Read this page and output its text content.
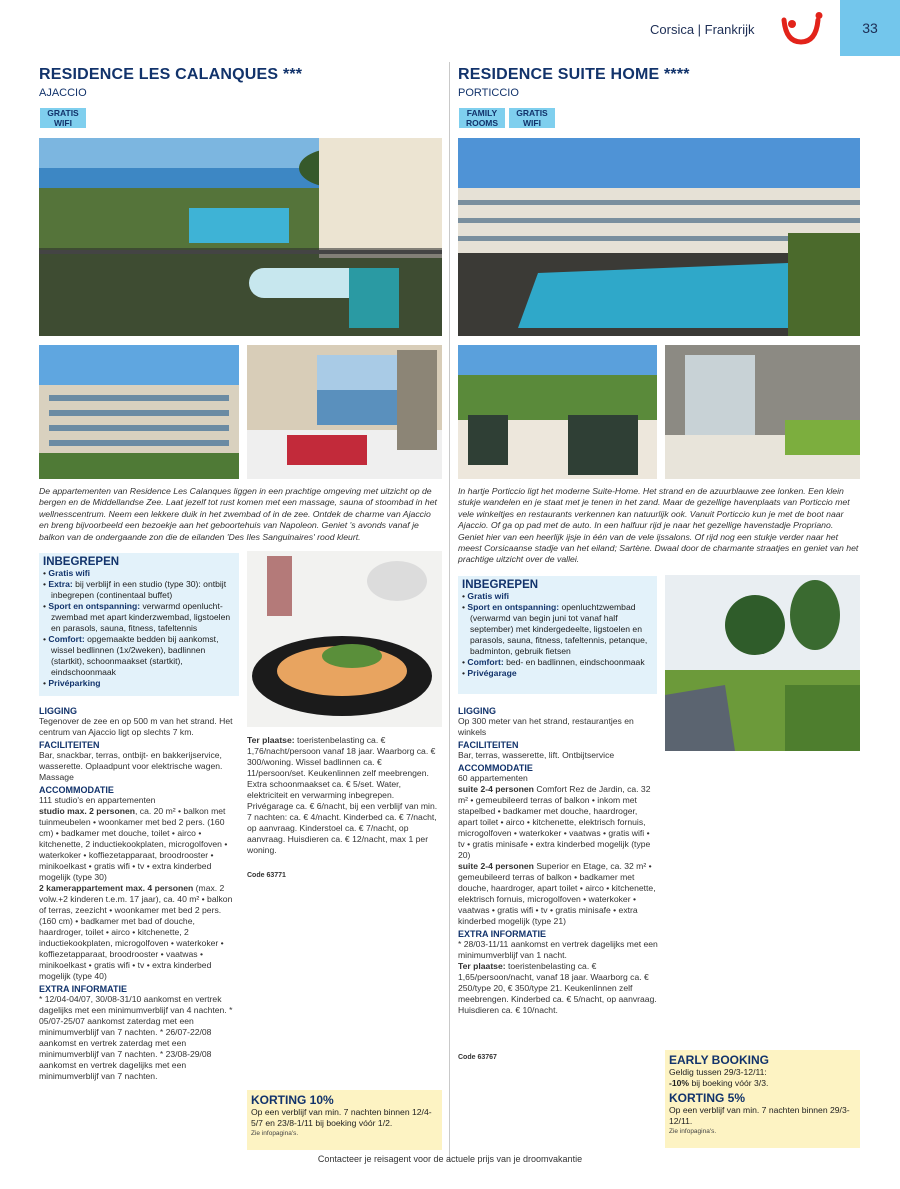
Corsica | Frankrijk	33
RESIDENCE LES CALANQUES ***
AJACCIO
GRATIS WIFI
De appartementen van Residence Les Calanques liggen in een prachtige omgeving met uitzicht op de bergen en de Middellandse Zee. Laat jezelf tot rust komen met een massage, sauna of stoombad in het wellnesscentrum. Neem een lekkere duik in het zwembad of in de zee. Ontdek de charme van Ajaccio en breng bijvoorbeeld een bezoekje aan het geboortehuis van Napoleon. Geniet 's avonds vanaf je balkon van de ondergaande zon die de eilanden 'Des Iles Sanguinaires' rood kleurt.
INBEGREPEN
• Gratis wifi
• Extra: bij verblijf in een studio (type 30): ontbijt inbegrepen (continentaal buffet)
• Sport en ontspanning: verwarmd openlucht-zwembad met apart kinderzwembad, ligstoelen en parasols, sauna, fitness, tafeltennis
• Comfort: opgemaakte bedden bij aankomst, wissel bedlinnen (1x/2weken), badlinnen (startkit), schoonmaakset (startkit), eindschoonmaak
• Privéparking
LIGGING
Tegenover de zee en op 500 m van het strand. Het centrum van Ajaccio ligt op slechts 7 km.
FACILITEITEN
Bar, snackbar, terras, ontbijt- en bakkerijservice, wasserette. Oplaadpunt voor elektrische wagen. Massage
ACCOMMODATIE
111 studio's en appartementen
studio max. 2 personen, ca. 20 m² • balkon met tuinmeubelen • woonkamer met bed 2 pers. (160 cm) • badkamer met douche, toilet • airco • kitchenette, 2 inductiekookplaten, microgolfoven • waterkoker • koffiezetapparaat, broodrooster • minikoelkast • gratis wifi • tv • extra kinderbed mogelijk (type 30)
2 kamerappartement max. 4 personen (max. 2 volw.+2 kinderen t.e.m. 17 jaar), ca. 40 m² • balkon of terras, zeezicht • woonkamer met bed 2 pers. (160 cm) • badkamer met bad of douche, haardroger, toilet • airco • kitchenette, 2 inductiekookplaten, microgolfoven • waterkoker • koffiezetapparaat, broodrooster • vaatwas • minikoelkast • gratis wifi • tv • extra kinderbed mogelijk (type 40)
EXTRA INFORMATIE
* 12/04-04/07, 30/08-31/10 aankomst en vertrek dagelijks met een minimumverblijf van 4 nachten. * 05/07-25/07 aankomst zaterdag met een minimumverblijf van 7 nachten. * 26/07-22/08 aankomst en vertrek zaterdag met een minimumverblijf van 7 nachten. * 23/08-29/08 aankomst en vertrek dagelijks met een minimumverblijf van 7 nachten.
Ter plaatse: toeristenbelasting ca. € 1,76/nacht/persoon vanaf 18 jaar. Waarborg ca. € 300/woning. Wissel badlinnen ca. € 11/persoon/set. Keukenlinnen zelf meebrengen. Extra schoonmaakset ca. € 5/set. Water, elektriciteit en verwarming inbegrepen. Privégarage ca. € 6/nacht, bij een verblijf van min. 7 nachten: ca. € 4/nacht. Kinderbed ca. € 7/nacht, op aanvraag. Kinderstoel ca. € 7/nacht, op aanvraag. Huisdieren ca. € 12/nacht, max 1 per woning.
Code 63771
KORTING 10%
Op een verblijf van min. 7 nachten binnen 12/4-5/7 en 23/8-1/11 bij boeking vóór 1/2.
Zie infopagina's.
RESIDENCE SUITE HOME ****
PORTICCIO
FAMILY ROOMS
GRATIS WIFI
In hartje Porticcio ligt het moderne Suite-Home. Het strand en de azuurblauwe zee lonken. Een klein stukje wandelen en je staat met je tenen in het zand. Maar de gezellige havenplaats van Porticcio met vele winkeltjes en restaurants verkennen kan natuurlijk ook. Vanuit Porticcio kun je met de boot naar Ajaccio. Of ga op pad met de auto. In een halfuur rijd je naar het gezellige havenstadje Propriano. Geniet hier van een heerlijk ijsje in één van de vele ijssalons. Of rijd nog een stukje verder naar het meest Corsicaanse stadje van het eiland; Sartène. Dwaal door de charmante straatjes en geniet van het prachtige uitzicht over de vallei.
INBEGREPEN
• Gratis wifi
• Sport en ontspanning: openluchtzwembad (verwarmd van begin juni tot vanaf half september) met kindergedeelte, ligstoelen en parasols, sauna, fitness, tafeltennis, petanque, badminton, gebruik fietsen
• Comfort: bed- en badlinnen, eindschoonmaak
• Privégarage
LIGGING
Op 300 meter van het strand, restaurantjes en winkels
FACILITEITEN
Bar, terras, wasserette, lift. Ontbijtservice
ACCOMMODATIE
60 appartementen
suite 2-4 personen Comfort Rez de Jardin, ca. 32 m² • gemeubileerd terras of balkon • inkom met stapelbed • badkamer met douche, haardroger, apart toilet • airco • kitchenette, elektrisch fornuis, microgolfoven • waterkoker • vaatwas • gratis wifi • tv • gratis minisafe • extra kinderbed mogelijk (type 20)
suite 2-4 personen Superior en Etage, ca. 32 m² • gemeubileerd terras of balkon • badkamer met douche, haardroger, apart toilet • airco • kitchenette, elektrisch fornuis, microgolfoven • waterkoker • vaatwas • gratis wifi • tv • gratis minisafe • extra kinderbed mogelijk (type 21)
EXTRA INFORMATIE
* 28/03-11/11 aankomst en vertrek dagelijks met een minimumverblijf van 1 nacht.
Ter plaatse: toeristenbelasting ca. € 1,65/persoon/nacht, vanaf 18 jaar. Waarborg ca. € 250/type 20, € 350/type 21. Keukenlinnen zelf meebrengen. Kinderbed ca. € 5/nacht, op aanvraag. Huisdieren ca. € 10/nacht.
Code 63767	EARLY BOOKING
Geldig tussen 29/3-12/11:
-10% bij boeking vóór 3/3.
KORTING 5%
Op een verblijf van min. 7 nachten binnen 29/3-12/11.
Zie infopagina's.
Contacteer je reisagent voor de actuele prijs van je droomvakantie
